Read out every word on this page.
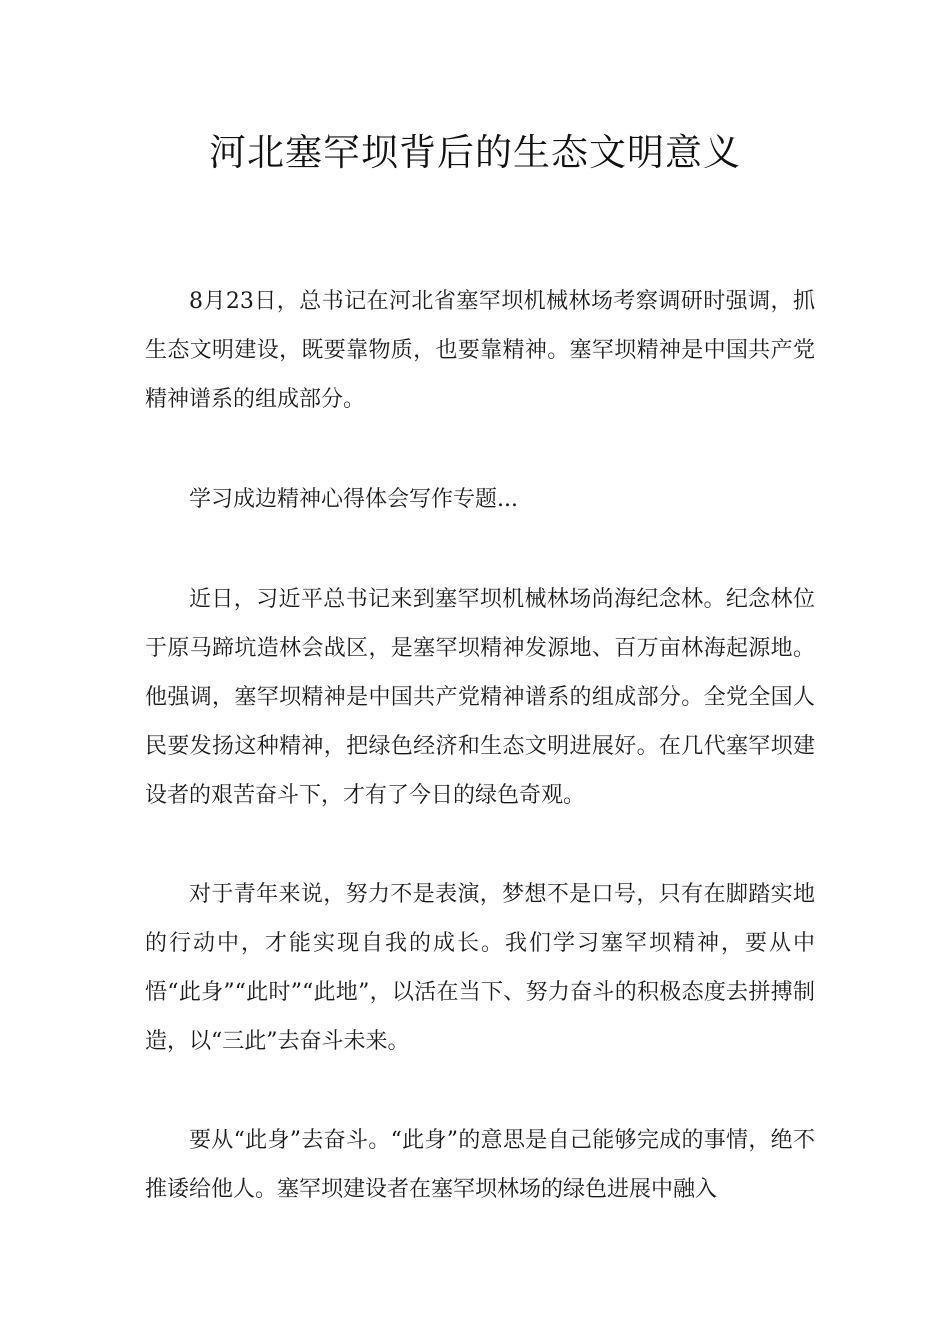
河北塞罕坝背后的生态文明意义

8月23日，总书记在河北省塞罕坝机械林场考察调研时强调，抓生态文明建设，既要靠物质，也要靠精神。塞罕坝精神是中国共产党精神谱系的组成部分。

学习成边精神心得体会写作专题...

近日，习近平总书记来到塞罕坝机械林场尚海纪念林。纪念林位于原马蹄坑造林会战区，是塞罕坝精神发源地、百万亩林海起源地。他强调，塞罕坝精神是中国共产党精神谱系的组成部分。全党全国人民要发扬这种精神，把绿色经济和生态文明进展好。在几代塞罕坝建设者的艰苦奋斗下，才有了今日的绿色奇观。

对于青年来说，努力不是表演，梦想不是口号，只有在脚踏实地的行动中，才能实现自我的成长。我们学习塞罕坝精神，要从中悟“此身”“此时”“此地”，以活在当下、努力奋斗的积极态度去拼搏制造，以“三此”去奋斗未来。

要从“此身”去奋斗。“此身”的意思是自己能够完成的事情，绝不推诿给他人。塞罕坝建设者在塞罕坝林场的绿色进展中融入
